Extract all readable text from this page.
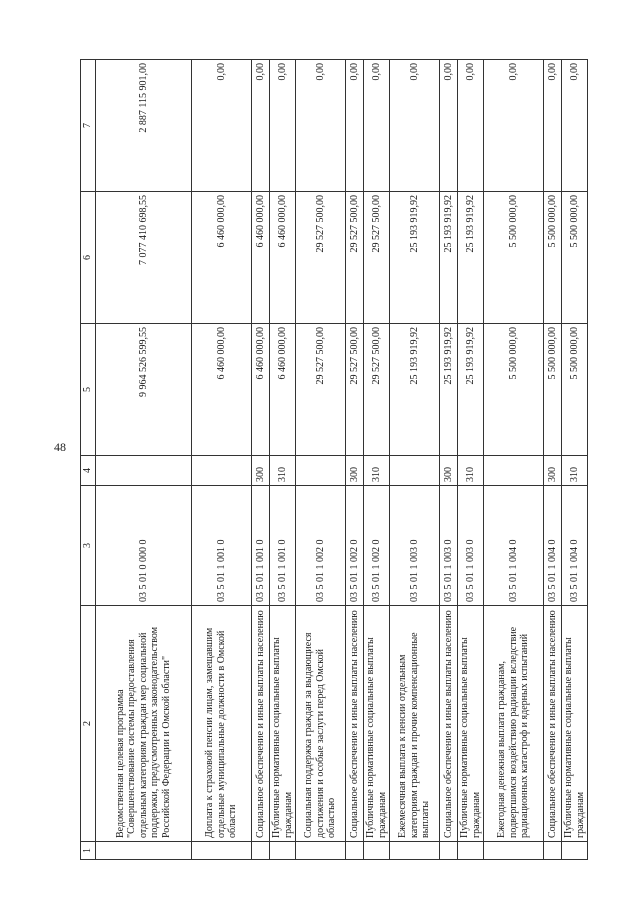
48
1	2	3	4	5	6	7
	Ведомственная целевая программа "Совершенствование системы предоставления отдельным категориям граждан мер социальной поддержки, предусмотренных законодательством Российской Федерации и Омской области"	03 5 01 0 000 0		9 964 526 599,55	7 077 410 698,55	2 887 115 901,00
	Доплата к страховой пенсии лицам, замещавшим отдельные муниципальные должности в Омской области	03 5 01 1 001 0		6 460 000,00	6 460 000,00	0,00
	Социальное обеспечение и иные выплаты населению	03 5 01 1 001 0	300	6 460 000,00	6 460 000,00	0,00
	Публичные нормативные социальные выплаты гражданам	03 5 01 1 001 0	310	6 460 000,00	6 460 000,00	0,00
	Социальная поддержка граждан за выдающиеся достижения и особые заслуги перед Омской областью	03 5 01 1 002 0		29 527 500,00	29 527 500,00	0,00
	Социальное обеспечение и иные выплаты населению	03 5 01 1 002 0	300	29 527 500,00	29 527 500,00	0,00
	Публичные нормативные социальные выплаты гражданам	03 5 01 1 002 0	310	29 527 500,00	29 527 500,00	0,00
	Ежемесячная выплата к пенсии отдельным категориям граждан и прочие компенсационные выплаты	03 5 01 1 003 0		25 193 919,92	25 193 919,92	0,00
	Социальное обеспечение и иные выплаты населению	03 5 01 1 003 0	300	25 193 919,92	25 193 919,92	0,00
	Публичные нормативные социальные выплаты гражданам	03 5 01 1 003 0	310	25 193 919,92	25 193 919,92	0,00
	Ежегодная денежная выплата гражданам, подвергшимся воздействию радиации вследствие радиационных катастроф и ядерных испытаний	03 5 01 1 004 0		5 500 000,00	5 500 000,00	0,00
	Социальное обеспечение и иные выплаты населению	03 5 01 1 004 0	300	5 500 000,00	5 500 000,00	0,00
	Публичные нормативные социальные выплаты гражданам	03 5 01 1 004 0	310	5 500 000,00	5 500 000,00	0,00
